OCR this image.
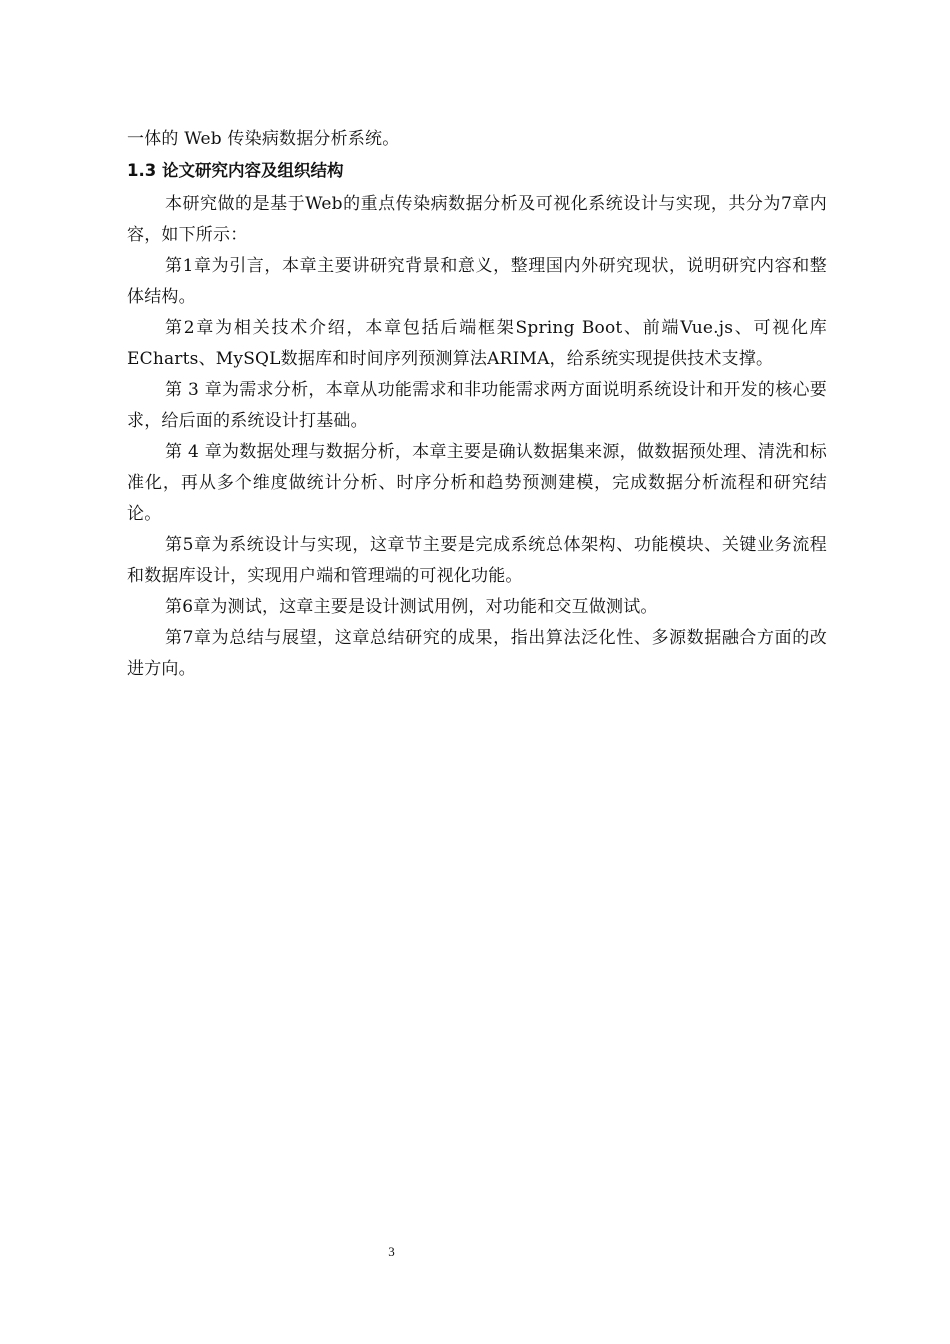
一体的 Web 传染病数据分析系统。

1.3 论文研究内容及组织结构

本研究做的是基于Web的重点传染病数据分析及可视化系统设计与实现，共分为7章内容，如下所示：

第1章为引言，本章主要讲研究背景和意义，整理国内外研究现状，说明研究内容和整体结构。

第2章为相关技术介绍，本章包括后端框架Spring Boot、前端Vue.js、可视化库ECharts、MySQL数据库和时间序列预测算法ARIMA，给系统实现提供技术支撑。

第 3 章为需求分析，本章从功能需求和非功能需求两方面说明系统设计和开发的核心要求，给后面的系统设计打基础。

第 4 章为数据处理与数据分析，本章主要是确认数据集来源，做数据预处理、清洗和标准化，再从多个维度做统计分析、时序分析和趋势预测建模，完成数据分析流程和研究结论。

第5章为系统设计与实现，这章节主要是完成系统总体架构、功能模块、关键业务流程和数据库设计，实现用户端和管理端的可视化功能。

第6章为测试，这章主要是设计测试用例，对功能和交互做测试。

第7章为总结与展望，这章总结研究的成果，指出算法泛化性、多源数据融合方面的改进方向。

3
